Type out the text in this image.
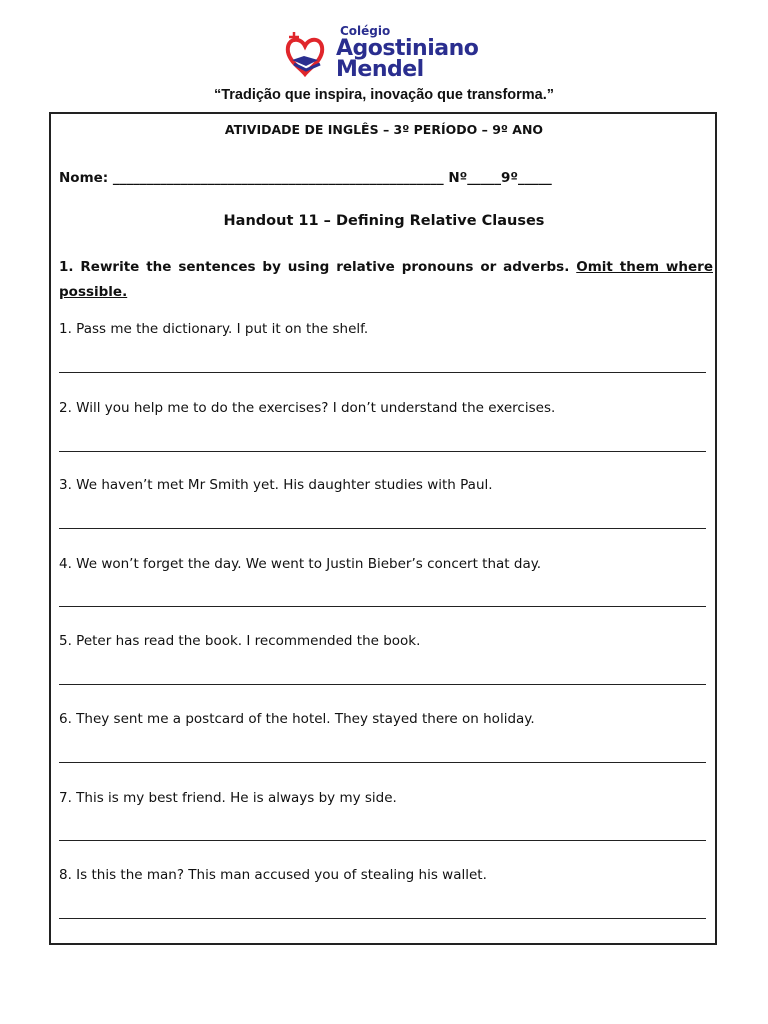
Colégio
Agostiniano
Mendel
“Tradição que inspira, inovação que transforma.”
ATIVIDADE DE INGLÊS – 3º PERÍODO – 9º ANO
Nome: _________________________________________________ Nº_____9º_____
Handout 11 – Defining Relative Clauses
1. Rewrite the sentences by using relative pronouns or adverbs. Omit them where possible.
1. Pass me the dictionary. I put it on the shelf.
2. Will you help me to do the exercises? I don’t understand the exercises.
3. We haven’t met Mr Smith yet. His daughter studies with Paul.
4. We won’t forget the day. We went to Justin Bieber’s concert that day.
5. Peter has read the book. I recommended the book.
6. They sent me a postcard of the hotel. They stayed there on holiday.
7. This is my best friend. He is always by my side.
8. Is this the man? This man accused you of stealing his wallet.
